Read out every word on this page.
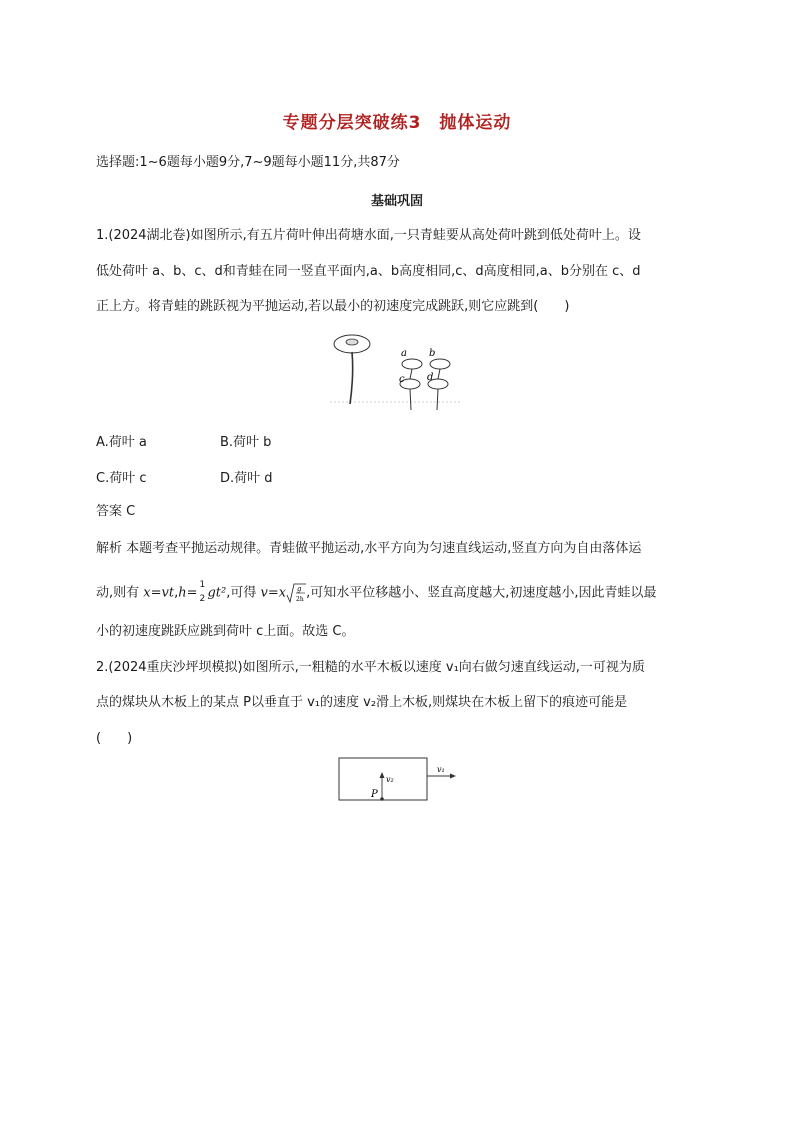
专题分层突破练3　抛体运动
选择题:1~6题每小题9分,7~9题每小题11分,共87分
基础巩固
1.(2024湖北卷)如图所示,有五片荷叶伸出荷塘水面,一只青蛙要从高处荷叶跳到低处荷叶上。设
低处荷叶 a、b、c、d和青蛙在同一竖直平面内,a、b高度相同,c、d高度相同,a、b分别在 c、d
正上方。将青蛙的跳跃视为平抛运动,若以最小的初速度完成跳跃,则它应跳到(　　)
a b
c d
A.荷叶 a	B.荷叶 b
C.荷叶 c	D.荷叶 d
答案 C
解析 本题考查平抛运动规律。青蛙做平抛运动,水平方向为匀速直线运动,竖直方向为自由落体运
动,则有 x=vt,h=
1
2 gt²,可得 v=x g
2h ,可知水平位移越小、竖直高度越大,初速度越小,因此青蛙以最
小的初速度跳跃应跳到荷叶 c上面。故选 C。
2.(2024重庆沙坪坝模拟)如图所示,一粗糙的水平木板以速度 v₁向右做匀速直线运动,一可视为质
点的煤块从木板上的某点 P以垂直于 v₁的速度 v₂滑上木板,则煤块在木板上留下的痕迹可能是
(　　)
P
v₂
v₁
